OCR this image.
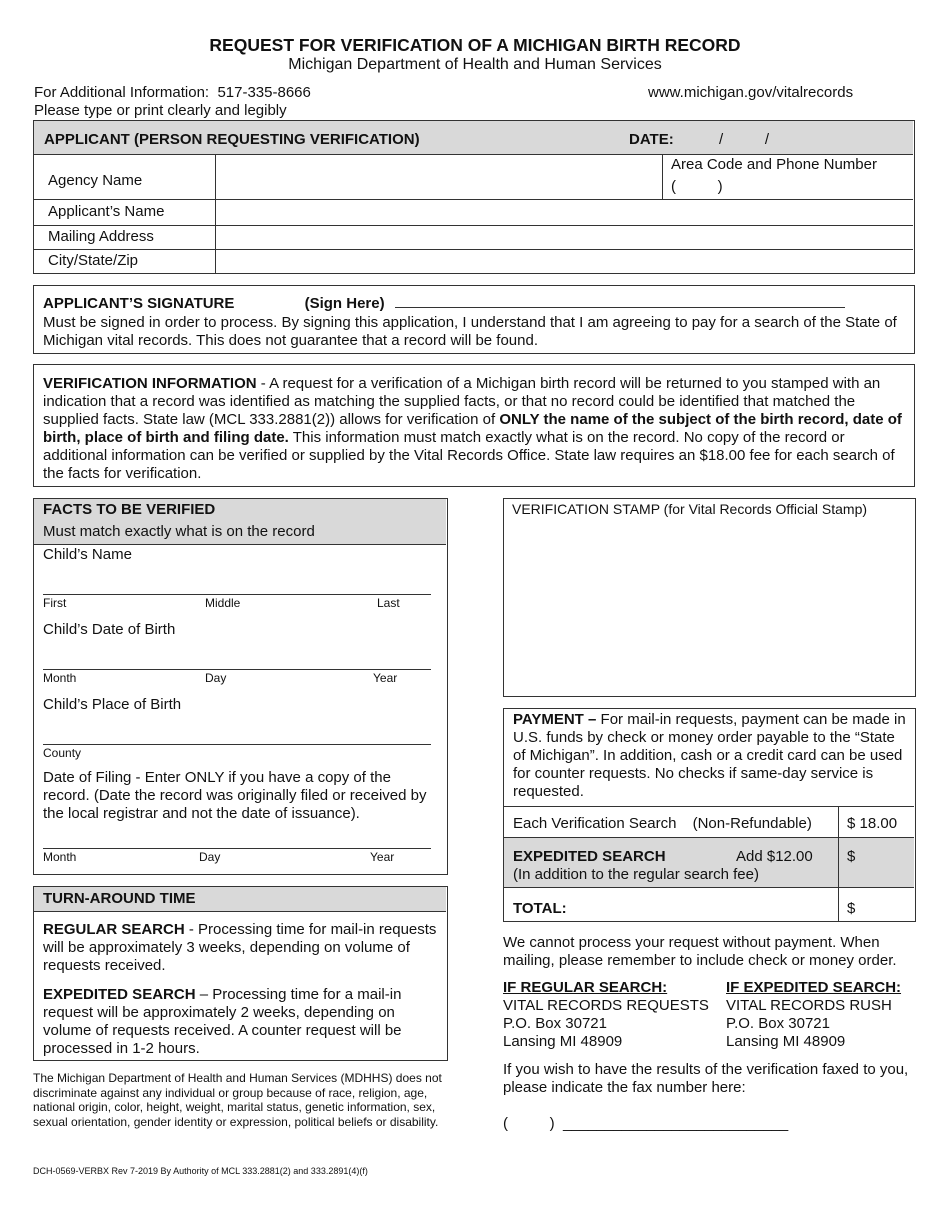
REQUEST FOR VERIFICATION OF A MICHIGAN BIRTH RECORD
Michigan Department of Health and Human Services
For Additional Information: 517-335-8666
Please type or print clearly and legibly
www.michigan.gov/vitalrecords
APPLICANT (PERSON REQUESTING VERIFICATION)	DATE:	/          /
Agency Name
Area Code and Phone Number
(          )
Applicant’s Name
Mailing Address
City/State/Zip
APPLICANT’S SIGNATURE	(Sign Here)
Must be signed in order to process. By signing this application, I understand that I am agreeing to pay for a search of the State of Michigan vital records. This does not guarantee that a record will be found.
VERIFICATION INFORMATION - A request for a verification of a Michigan birth record will be returned to you stamped with an indication that a record was identified as matching the supplied facts, or that no record could be identified that matched the supplied facts. State law (MCL 333.2881(2)) allows for verification of ONLY the name of the subject of the birth record, date of birth, place of birth and filing date. This information must match exactly what is on the record. No copy of the record or additional information can be verified or supplied by the Vital Records Office. State law requires an $18.00 fee for each search of the facts for verification.
FACTS TO BE VERIFIED
Must match exactly what is on the record
Child’s Name
First	Middle	Last
Child’s Date of Birth
Month	Day	Year
Child’s Place of Birth
County
Date of Filing - Enter ONLY if you have a copy of the record. (Date the record was originally filed or received by the local registrar and not the date of issuance).
Month	Day	Year
TURN-AROUND TIME
REGULAR SEARCH - Processing time for mail-in requests will be approximately 3 weeks, depending on volume of requests received.
EXPEDITED SEARCH – Processing time for a mail-in request will be approximately 2 weeks, depending on volume of requests received. A counter request will be processed in 1-2 hours.
The Michigan Department of Health and Human Services (MDHHS) does not discriminate against any individual or group because of race, religion, age, national origin, color, height, weight, marital status, genetic information, sex, sexual orientation, gender identity or expression, political beliefs or disability.
DCH-0569-VERBX Rev 7-2019 By Authority of MCL 333.2881(2) and 333.2891(4)(f)
VERIFICATION STAMP (for Vital Records Official Stamp)
PAYMENT – For mail-in requests, payment can be made in U.S. funds by check or money order payable to the “State of Michigan”. In addition, cash or a credit card can be used for counter requests. No checks if same-day service is requested.
Each Verification Search (Non-Refundable) $ 18.00
EXPEDITED SEARCH	Add $12.00
(In addition to the regular search fee)
$
TOTAL:	$
We cannot process your request without payment. When mailing, please remember to include check or money order.
IF REGULAR SEARCH:
VITAL RECORDS REQUESTS
P.O. Box 30721
Lansing MI 48909
IF EXPEDITED SEARCH:
VITAL RECORDS RUSH
P.O. Box 30721
Lansing MI 48909
If you wish to have the results of the verification faxed to you, please indicate the fax number here:
(          ) ___________________________
